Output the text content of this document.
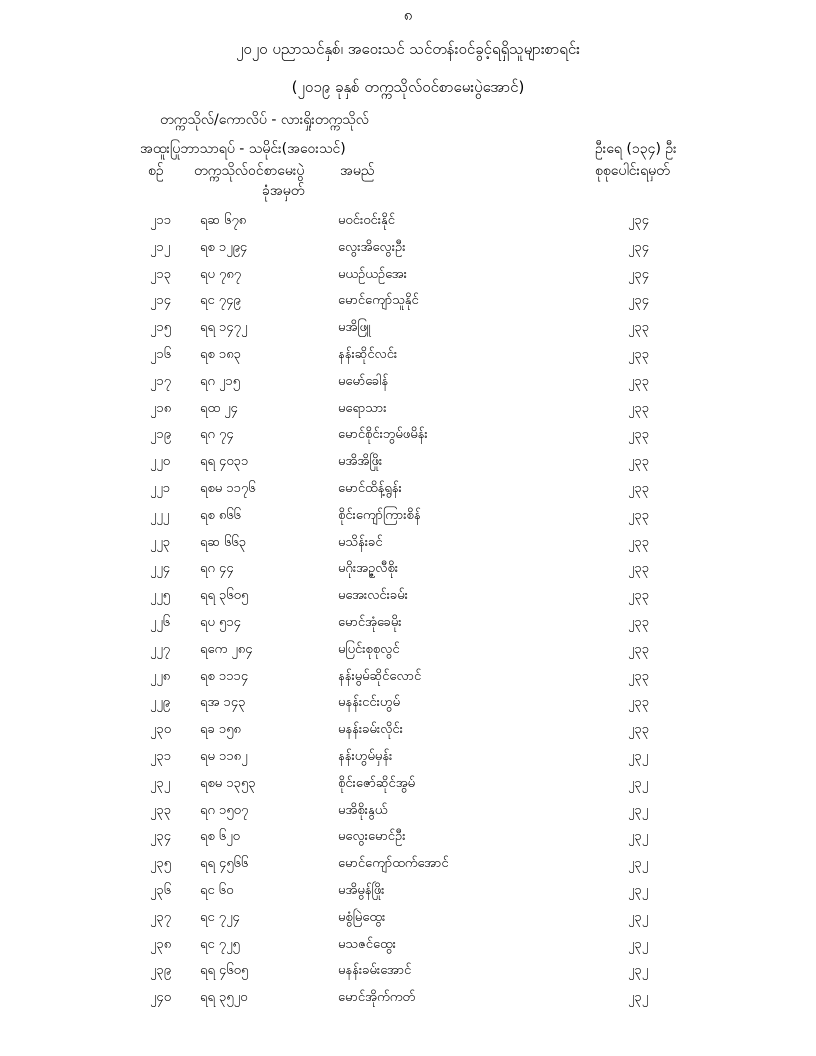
၈
၂၀၂၀ ပညာသင်နှစ်၊ အဝေးသင် သင်တန်းဝင်ခွင့်ရရှိသူများစာရင်း
(၂၀၁၉ ခုနှစ် တက္ကသိုလ်ဝင်စာမေးပွဲအောင်)
တက္ကသိုလ်/ကောလိပ် - လားရှိုးတက္ကသိုလ်
အထူးပြုဘာသာရပ် - သမိုင်း(အဝေးသင်)	ဦးရေ (၁၃၄) ဦး
စဉ် တက္ကသိုလ်ဝင်စာမေးပွဲ
ခုံအမှတ်
အမည်	စုစုပေါင်းရမှတ်
၂၁၁ ရဆ ၆၇၈	မဝင်းဝင်းနိုင်	၂၃၄
၂၁၂ ရစ ၁၂၉၄	လွေးအိလွေးဦး	၂၃၄
၂၁၃ ရပ ၇၈၇	မယဉ်ယဉ်အေး	၂၃၄
၂၁၄ ရင ၇၄၉	မောင်ကျော်သူနိုင်	၂၃၄
၂၁၅ ရရ ၁၄၇၂	မအိဖြူ	၂၃၃
၂၁၆ ရစ ၁၈၃	နန်းဆိုင်လင်း	၂၃၃
၂၁၇ ရဂ ၂၁၅	မမော်ခေါန်	၂၃၃
၂၁၈ ရထ ၂၄	မရောသား	၂၃၃
၂၁၉ ရဂ ၇၄	မောင်စိုင်းဘွမ်ဖမိန်း	၂၃၃
၂၂၀ ရရ ၄၀၃၁	မအိအိဖြိုး	၂၃၃
၂၂၁ ရစမ ၁၁၇၆	မောင်ထိန့်ရွန်း	၂၃၃
၂၂၂ ရစ ၈၆၆	စိုင်းကျော်ကြားစိန်	၂၃၃
၂၂၃ ရဆ ၆၆၃	မသိန်းခင်	၂၃၃
၂၂၄ ရဂ ၄၄	မဂိုးအဥ္ဇလီစိုး	၂၃၃
၂၂၅ ရရ ၃၆၀၅	မအေးလင်းခမ်း	၂၃၃
၂၂၆ ရပ ၅၁၄	မောင်အုံခေမိုး	၂၃၃
၂၂၇ ရကေ ၂၈၄	မပြင်းစုစုလွင်	၂၃၃
၂၂၈ ရစ ၁၁၁၄	နန်းမွမ်ဆိုင်လောင်	၂၃၃
၂၂၉ ရအ ၁၄၃	မနန်းငင်းဟွမ်	၂၃၃
၂၃၀ ရခ ၁၅၈	မနန်းခမ်းလိုင်း	၂၃၃
၂၃၁ ရမ ၁၁၈၂	နန်းဟွမ်မှန်း	၂၃၂
၂၃၂ ရစမ ၁၃၅၃	စိုင်းဇော်ဆိုင်အွမ်	၂၃၂
၂၃၃ ရဂ ၁၅၀၇	မအိစိုးနွယ်	၂၃၂
၂၃၄ ရစ ၆၂၀	မလွေးမောင်ဦး	၂၃၂
၂၃၅ ရရ ၄၅၆၆	မောင်ကျော်ထက်အောင်	၂၃၂
၂၃၆ ရင ၆၀	မအိမွန်ဖြိုး	၂၃၂
၂၃၇ ရင ၇၂၄	မစွံမြဲထွေး	၂၃၂
၂၃၈ ရင ၇၂၅	မသဇင်ထွေး	၂၃၂
၂၃၉ ရရ ၄၆၀၅	မနန်းခမ်းအောင်	၂၃၂
၂၄၀ ရရ ၃၅၂၀	မောင်အိုက်ကတ်	၂၃၂
